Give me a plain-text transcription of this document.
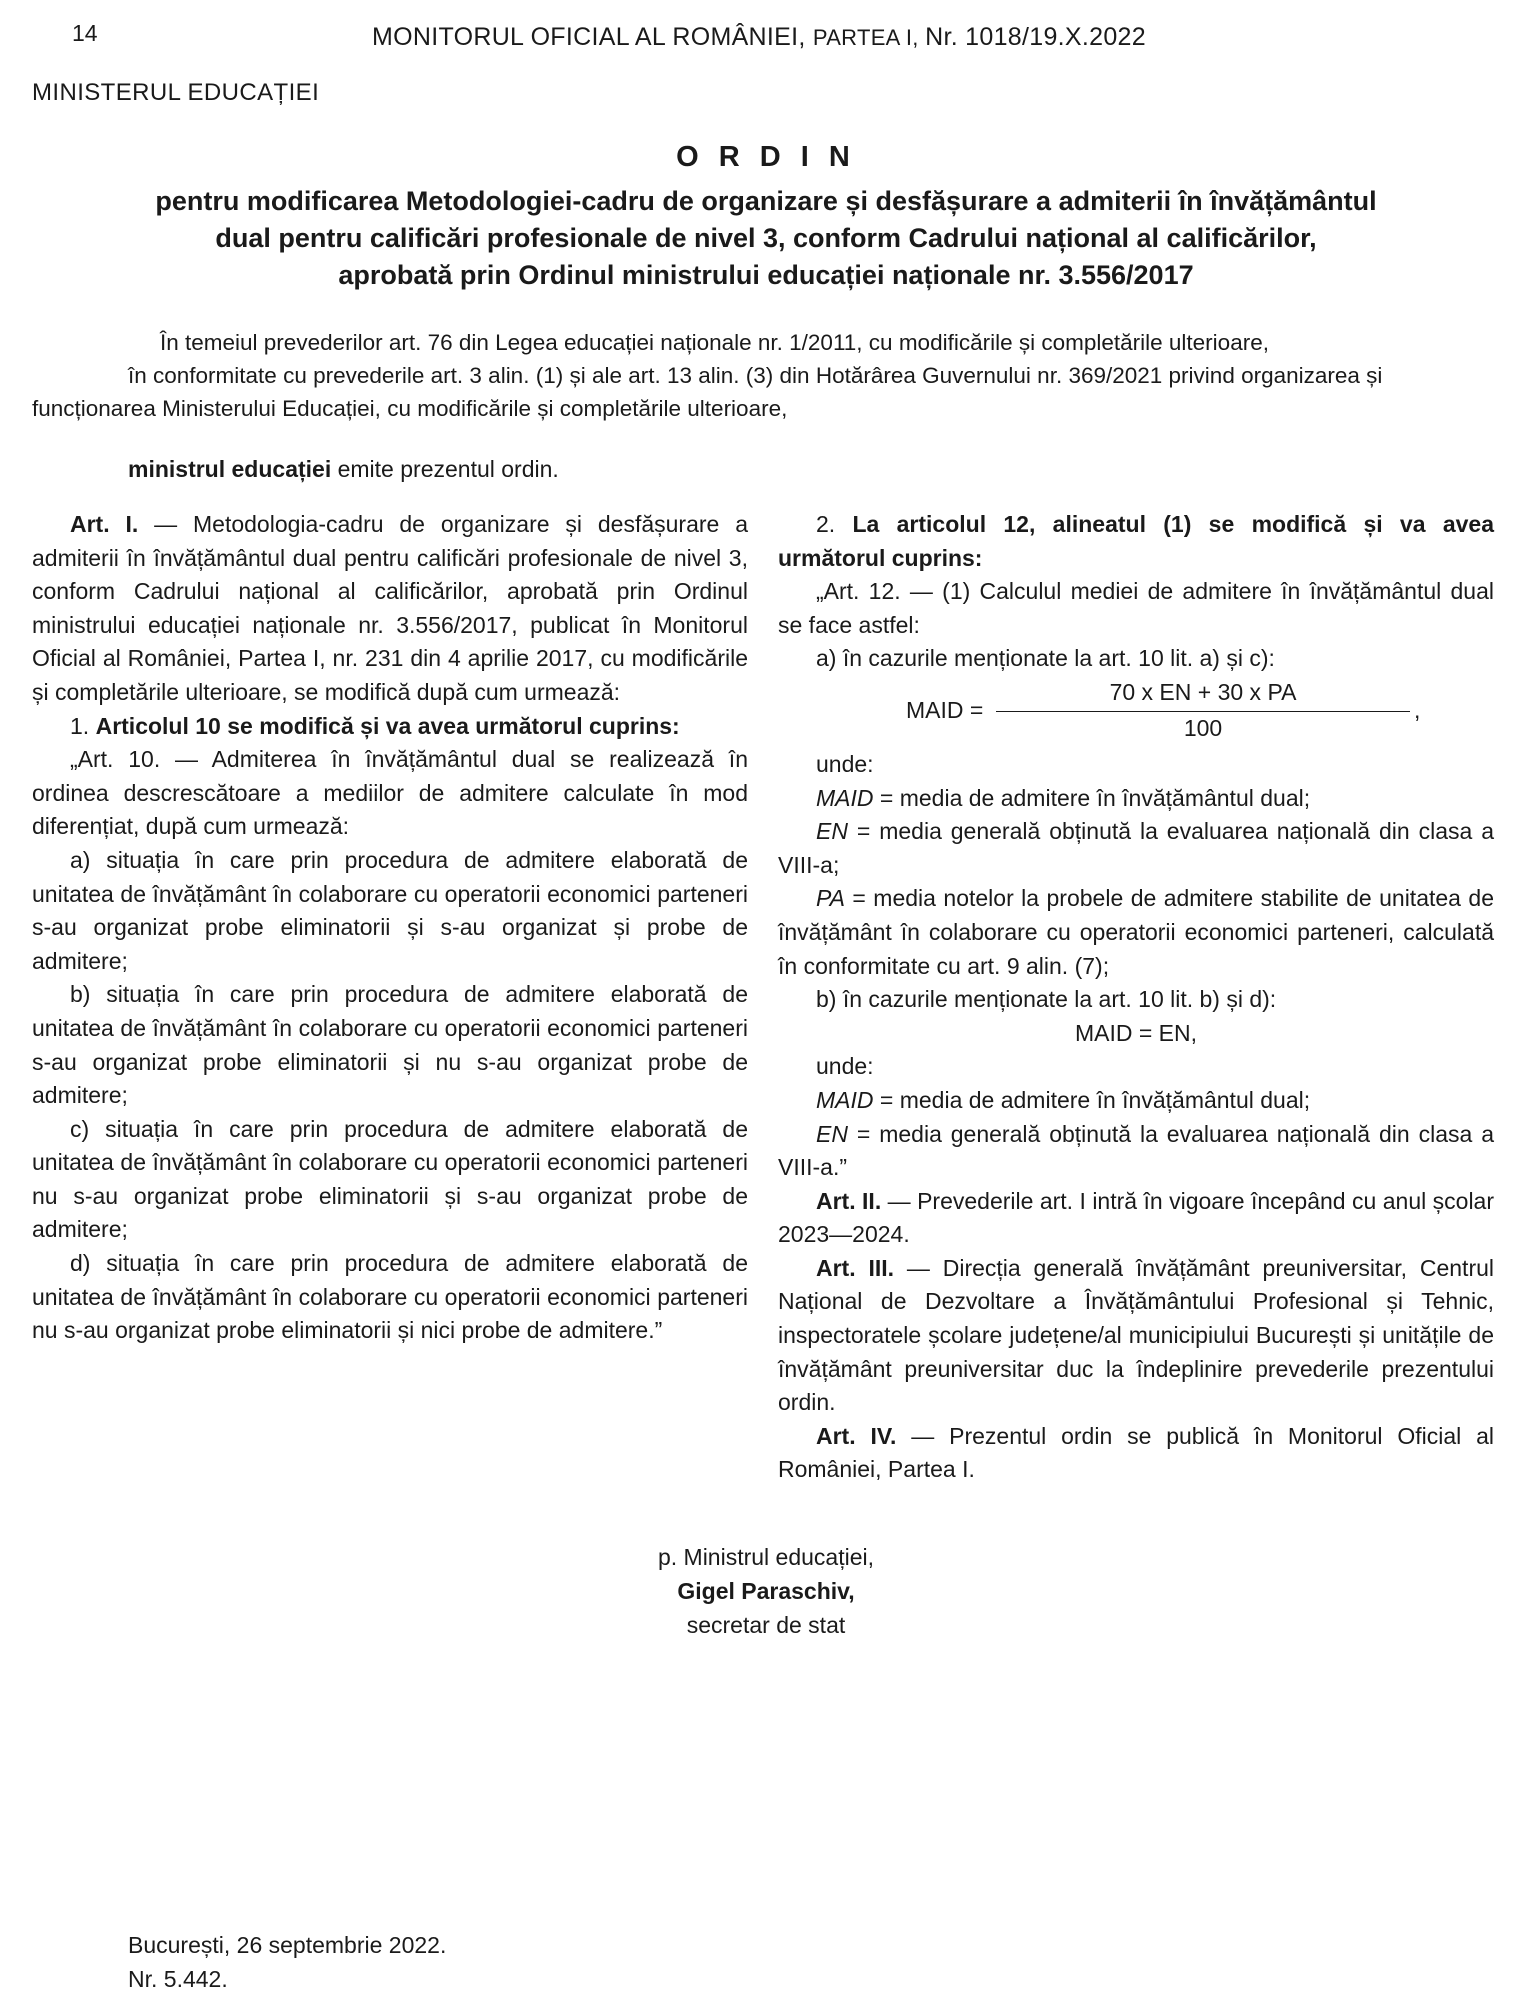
14	MONITORUL OFICIAL AL ROMÂNIEI, PARTEA I, Nr. 1018/19.X.2022
MINISTERUL EDUCAȚIEI
O R D I N
pentru modificarea Metodologiei-cadru de organizare și desfășurare a admiterii în învățământul
dual pentru calificări profesionale de nivel 3, conform Cadrului național al calificărilor,
aprobată prin Ordinul ministrului educației naționale nr. 3.556/2017

În temeiul prevederilor art. 76 din Legea educației naționale nr. 1/2011, cu modificările și completările ulterioare,

în conformitate cu prevederile art. 3 alin. (1) și ale art. 13 alin. (3) din Hotărârea Guvernului nr. 369/2021 privind organizarea și funcționarea Ministerului Educației, cu modificările și completările ulterioare,

ministrul educației emite prezentul ordin.

Art. I. — Metodologia-cadru de organizare și desfășurare a admiterii în învățământul dual pentru calificări profesionale de nivel 3, conform Cadrului național al calificărilor, aprobată prin Ordinul ministrului educației naționale nr. 3.556/2017, publicat în Monitorul Oficial al României, Partea I, nr. 231 din 4 aprilie 2017, cu modificările și completările ulterioare, se modifică după cum urmează:

1. Articolul 10 se modifică și va avea următorul cuprins:

„Art. 10. — Admiterea în învățământul dual se realizează în ordinea descrescătoare a mediilor de admitere calculate în mod diferențiat, după cum urmează:

a) situația în care prin procedura de admitere elaborată de unitatea de învățământ în colaborare cu operatorii economici parteneri s-au organizat probe eliminatorii și s-au organizat și probe de admitere;

b) situația în care prin procedura de admitere elaborată de unitatea de învățământ în colaborare cu operatorii economici parteneri s-au organizat probe eliminatorii și nu s-au organizat probe de admitere;

c) situația în care prin procedura de admitere elaborată de unitatea de învățământ în colaborare cu operatorii economici parteneri nu s-au organizat probe eliminatorii și s-au organizat probe de admitere;

d) situația în care prin procedura de admitere elaborată de unitatea de învățământ în colaborare cu operatorii economici parteneri nu s-au organizat probe eliminatorii și nici probe de admitere.”

2. La articolul 12, alineatul (1) se modifică și va avea următorul cuprins:

„Art. 12. — (1) Calculul mediei de admitere în învățământul dual se face astfel:

a) în cazurile menționate la art. 10 lit. a) și c):

MAID =
70 x EN + 30 x PA
100
,

unde:

MAID = media de admitere în învățământul dual;

EN = media generală obținută la evaluarea națională din clasa a VIII-a;

PA = media notelor la probele de admitere stabilite de unitatea de învățământ în colaborare cu operatorii economici parteneri, calculată în conformitate cu art. 9 alin. (7);

b) în cazurile menționate la art. 10 lit. b) și d):

MAID = EN,

unde:

MAID = media de admitere în învățământul dual;

EN = media generală obținută la evaluarea națională din clasa a VIII-a.”

Art. II. — Prevederile art. I intră în vigoare începând cu anul școlar 2023—2024.

Art. III. — Direcția generală învățământ preuniversitar, Centrul Național de Dezvoltare a Învățământului Profesional și Tehnic, inspectoratele școlare județene/al municipiului București și unitățile de învățământ preuniversitar duc la îndeplinire prevederile prezentului ordin.

Art. IV. — Prezentul ordin se publică în Monitorul Oficial al României, Partea I.

p. Ministrul educației,
Gigel Paraschiv,
secretar de stat
București, 26 septembrie 2022.
Nr. 5.442.
